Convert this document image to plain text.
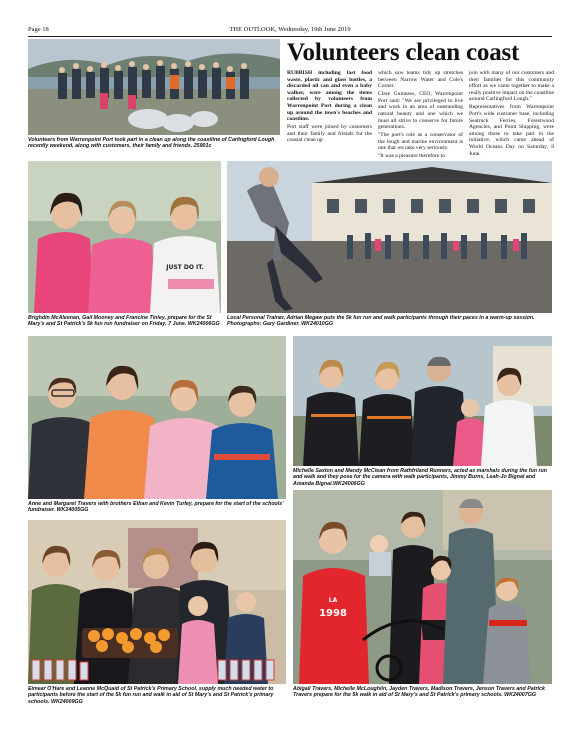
Page 18	THE OUTLOOK, Wednesday, 19th June 2019
Volunteers from Warrenpoint Port took part in a clean up along the coastline of Carlingford Lough recently weekend, along with customers, their family and friends. 25901c
Volunteers clean coast

RUBBISH including fast food waste, plastic and glass bottles, a discarded oil can and even a baby walker, were among the items collected by volunteers from Warrenpoint Port during a clean up around the town's beaches and coastline.

Port staff were joined by customers and their family and friends for the coastal clean up

which saw teams tidy up stretches between Narrow Water and Cole's Corner.

Clare Guinness, CEO, Warrenpoint Port said: "We are privileged to live and work in an area of outstanding natural beauty and one which we must all strive to conserve for future generations.

"The port's role as a conservator of the lough and marine environment is one that we take very seriously.

"It was a pleasure therefore to

join with many of our customers and their families for this community effort as we came together to make a really positive impact on the coastline around Carlingford Lough."

Representatives from Warrenpoint Port's wide customer base, including Seatruck Ferries, Forestwood Agencies, and Point Shipping, were among those to take part in the initiative, which came ahead of World Oceans Day on Saturday, 8 June.

JUST DO IT.
Brighdin McAleenan, Gail Mooney and Francine Tinley, prepare for the St Mary's and St Patrick's 5k fun run fundraiser on Friday, 7 June. WK24006GG
Local Personal Trainer, Adrian Megaw puts the 5k fun run and walk participants through their paces in a warm-up session. Photographs: Gary Gardiner. WK24010GG
Anne and Margaret Travers with brothers Ethan and Kevin Turley, prepare for the start of the schools' fundraiser. WK24005GG
Michelle Saxton and Mandy McClean from Rathfriland Runners, acted as marshals during the fun run and walk and they pose for the camera with walk participants, Jimmy Burns, Leah-Jo Bignal and Amanda Bignal.WK24006GG
Eimear O'Hare and Leanne McQuaid of St Patrick's Primary School, supply much needed water to participants before the start of the 5k fun run and walk in aid of St Mary's and St Patrick's primary schools. WK24009GG
LA
1998
Abigail Travers, Michelle McLoughlin, Jayden Travers, Madison Travers, Jenson Travers and Patrick Travers prepare for the 5k walk in aid of St Mary's and St Patrick's primary schools. WK24007GG
